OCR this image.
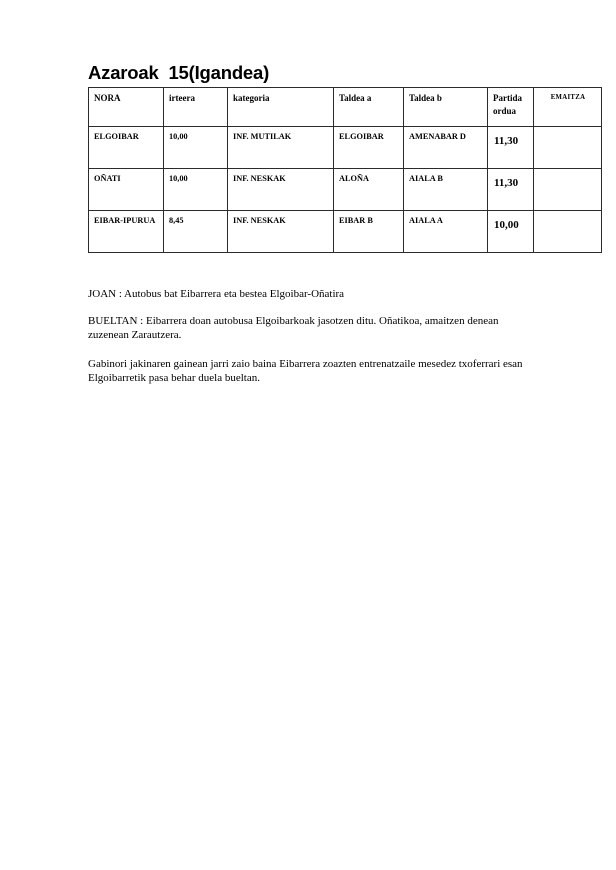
Azaroak  15(Igandea)
NORA	irteera	kategoria	Taldea a	Taldea b	Partida ordua	EMAITZA
ELGOIBAR	10,00	INF. MUTILAK	ELGOIBAR	AMENABAR D	11,30	
OÑATI	10,00	INF. NESKAK	ALOÑA	AIALA B	11,30	
EIBAR-IPURUA	8,45	INF. NESKAK	EIBAR B	AIALA A	10,00	

JOAN : Autobus bat Eibarrera eta bestea Elgoibar-Oñatira

BUELTAN : Eibarrera doan autobusa Elgoibarkoak jasotzen ditu. Oñatikoa, amaitzen denean zuzenean Zarautzera.

Gabinori jakinaren gainean jarri zaio baina Eibarrera zoazten entrenatzaile mesedez txoferrari esan Elgoibarretik pasa behar duela bueltan.
